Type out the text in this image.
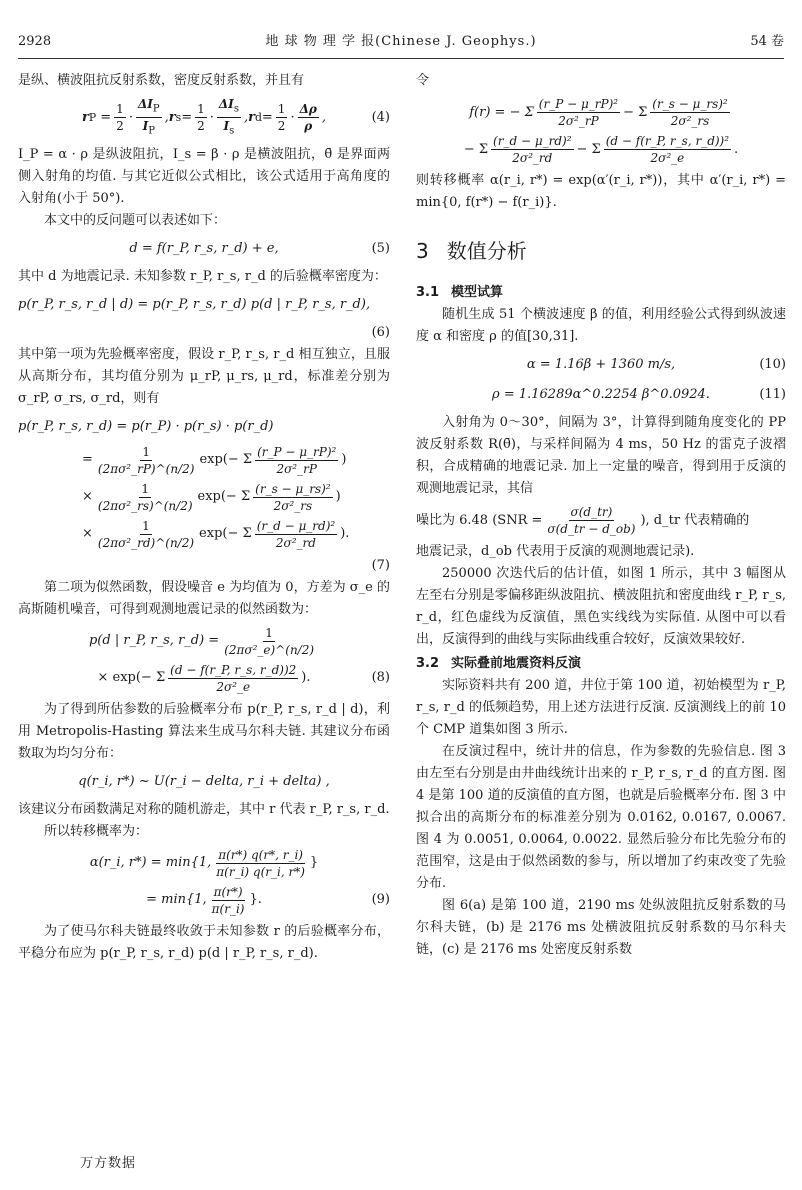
2928	地 球 物 理 学 报(Chinese J. Geophys.)	54 卷

是纵、横波阻抗反射系数，密度反射系数，并且有

r P
= $\frac{1}{2}$ ·
$\Delta I_P$
$I_P$
, r $s = \frac{1}{2}$ ·
$\Delta I_s$
$I_s$
, r $d = \frac{1}{2}$ ·
Δρ
ρ
,	(4)

I_P = α · ρ 是纵波阻抗，I_s = β · ρ 是横波阻抗，θ̄ 是界面两侧入射角的均值. 与其它近似公式相比，该公式适用于高角度的入射角(小于 50°).

本文中的反问题可以表述如下：

d = f(r_P, r_s, r_d) + e,	(5)

其中 d 为地震记录. 未知参数 r_P, r_s, r_d 的后验概率密度为：

p(r_P, r_s, r_d | d) = p(r_P, r_s, r_d) p(d | r_P, r_s, r_d),
(6)

其中第一项为先验概率密度，假设 r_P, r_s, r_d 相互独立，且服从高斯分布，其均值分别为 μ_rP, μ_rs, μ_rd，标准差分别为 σ_rP, σ_rs, σ_rd，则有

p(r_P, r_s, r_d) = p(r_P) · p(r_s) · p(r_d)
= $\frac{1}{\text{(2πσ²\_rP)\textasciicircum{}(n/2)}} \exp(- \Sigma$
(r_P − μ_rP)²
2σ²_rP
)
× $\frac{1}{\text{(2πσ²\_rs)\textasciicircum{}(n/2)}} \exp(- \Sigma$
(r_s − μ_rs)²
2σ²_rs
)
× $\frac{1}{\text{(2πσ²\_rd)\textasciicircum{}(n/2)}} \exp(- \Sigma$
(r_d − μ_rd)²
2σ²_rd
).
(7)

第二项为似然函数，假设噪音 e 为均值为 0，方差为 σ_e 的高斯随机噪音，可得到观测地震记录的似然函数为：

p(d | r_P, r_s, r_d) = $\frac{1}{\text{(2πσ²\_e)\textasciicircum{}(n/2)}}$
× exp(− Σ
(d − f(r_P, r_s, r_d))2
2σ²_e
).	(8)

为了得到所估参数的后验概率分布 p(r_P, r_s, r_d | d)，利用 Metropolis-Hasting 算法来生成马尔科夫链. 其建议分布函数取为均匀分布：

q(r_i, r*) ~ U(r_i − delta, r_i + delta) ,

该建议分布函数满足对称的随机游走，其中 r 代表 r_P, r_s, r_d.

所以转移概率为：

α(r_i, r*) = min{1,
π(r*) q(r*, r_i)
π(r_i) q(r_i, r*)
}
= min{1,
π(r*)
π(r_i)
}.	(9)

为了使马尔科夫链最终收敛于未知参数 r 的后验概率分布，平稳分布应为 p(r_P, r_s, r_d) p(d | r_P, r_s, r_d).

令

f(r) = − Σ
(r_P − μ_rP)²
2σ²_rP
− Σ
(r_s − μ_rs)²
2σ²_rs
− Σ
(r_d − μ_rd)²
2σ²_rd
− Σ
(d − f(r_P, r_s, r_d))²
2σ²_e
.

则转移概率 α(r_i, r*) = exp(α′(r_i, r*))，其中 α′(r_i, r*) = min{0, f(r*) − f(r_i)}.

3 数值分析
3.1 模型试算

随机生成 51 个横波速度 β 的值，利用经验公式得到纵波速度 α 和密度 ρ 的值[30,31].

α = 1.16β + 1360 m/s,	(10)
ρ = 1.16289α^0.2254 β^0.0924.	(11)

入射角为 0～30°，间隔为 3°，计算得到随角度变化的 PP 波反射系数 R(θ̄)，与采样间隔为 4 ms，50 Hz 的雷克子波褶积，合成精确的地震记录. 加上一定量的噪音，得到用于反演的观测地震记录，其信

噪比为 6.48 ($SNR = \frac{\sigma(d\_tr)}{\sigma(d\_tr - d\_ob)}$ ), d_tr 代表精确的

地震记录，d_ob 代表用于反演的观测地震记录).

250000 次迭代后的估计值，如图 1 所示，其中 3 幅图从左至右分别是零偏移距纵波阻抗、横波阻抗和密度曲线 r_P, r_s, r_d，红色虚线为反演值，黑色实线线为实际值. 从图中可以看出，反演得到的曲线与实际曲线重合较好，反演效果较好.

3.2 实际叠前地震资料反演

实际资料共有 200 道，井位于第 100 道，初始模型为 r_P, r_s, r_d 的低频趋势，用上述方法进行反演. 反演测线上的前 10 个 CMP 道集如图 3 所示.

在反演过程中，统计井的信息，作为参数的先验信息. 图 3 由左至右分别是由井曲线统计出来的 r_P, r_s, r_d 的直方图. 图 4 是第 100 道的反演值的直方图，也就是后验概率分布. 图 3 中拟合出的高斯分布的标准差分别为 0.0162, 0.0167, 0.0067. 图 4 为 0.0051, 0.0064, 0.0022. 显然后验分布比先验分布的范围窄，这是由于似然函数的参与，所以增加了约束改变了先验分布.

图 6(a) 是第 100 道，2190 ms 处纵波阻抗反射系数的马尔科夫链，(b) 是 2176 ms 处横波阻抗反射系数的马尔科夫链，(c) 是 2176 ms 处密度反射系数

万方数据
